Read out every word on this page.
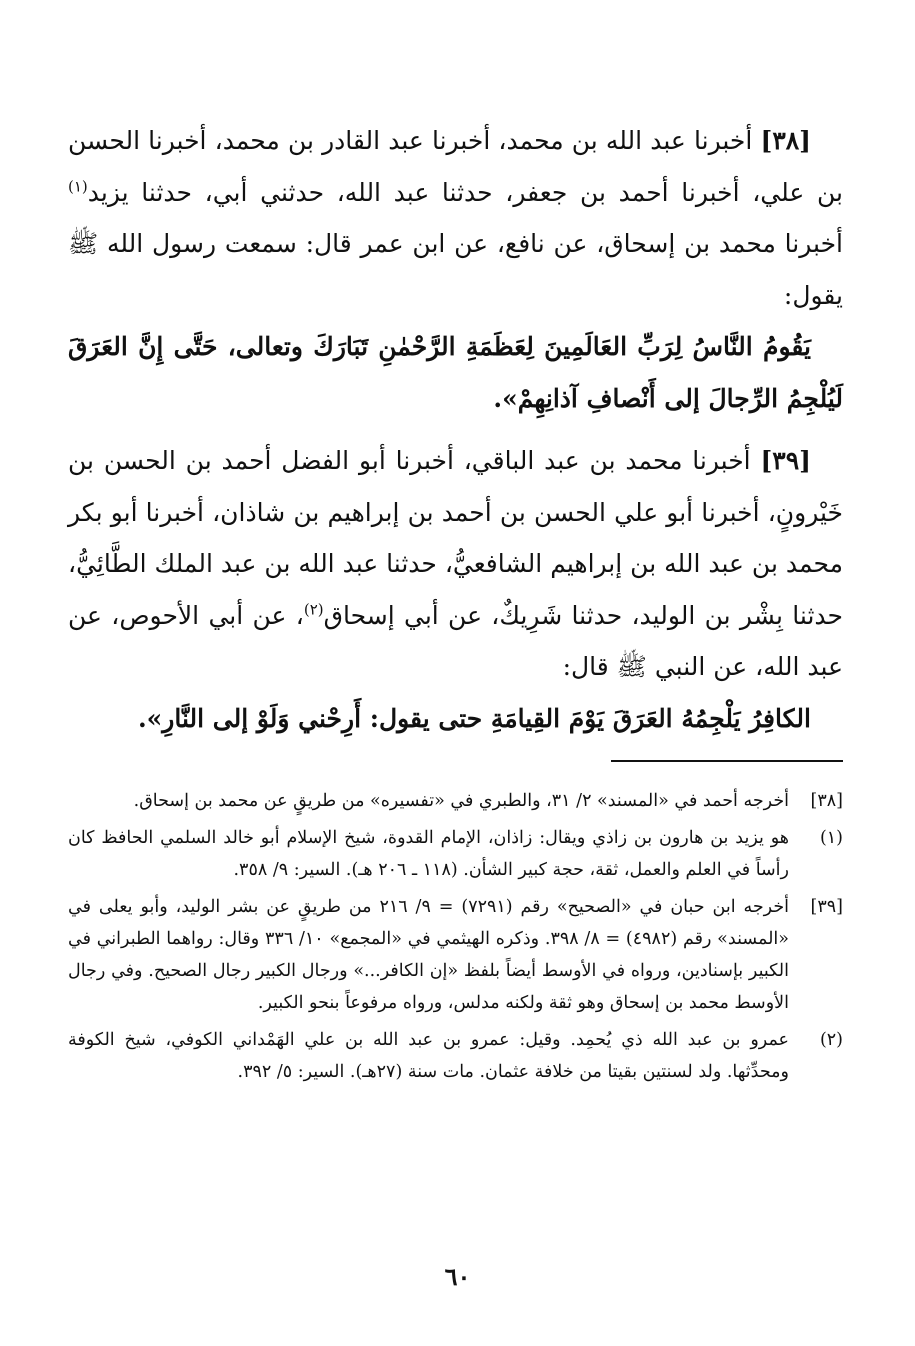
[٣٨] أخبرنا عبد الله بن محمد، أخبرنا عبد القادر بن محمد، أخبرنا الحسن بن علي، أخبرنا أحمد بن جعفر، حدثنا عبد الله، حدثني أبي، حدثنا يزيد$^{(١)}$ أخبرنا محمد بن إسحاق، عن نافع، عن ابن عمر قال: سمعت رسول الله ﷺ يقول:

يَقُومُ النَّاسُ لِرَبِّ العَالَمِينَ لِعَظَمَةِ الرَّحْمٰنِ تَبَارَكَ وتعالى، حَتَّى إِنَّ العَرَقَ لَيُلْجِمُ الرِّجالَ إلى أَنْصافِ آذانِهِمْ».

[٣٩] أخبرنا محمد بن عبد الباقي، أخبرنا أبو الفضل أحمد بن الحسن بن خَيْرونٍ، أخبرنا أبو علي الحسن بن أحمد بن إبراهيم بن شاذان، أخبرنا أبو بكر محمد بن عبد الله بن إبراهيم الشافعيُّ، حدثنا عبد الله بن عبد الملك الطَّائِيُّ، حدثنا بِشْر بن الوليد، حدثنا شَرِيكٌ، عن أبي إسحاق$^{(٢)}$، عن أبي الأحوص، عن عبد الله، عن النبي ﷺ قال:

الكافِرُ يَلْجِمُهُ العَرَقَ يَوْمَ القِيامَةِ حتى يقول: أَرِحْني وَلَوْ إلى النَّارِ».

[٣٨]
أخرجه أحمد في «المسند» ٢/ ٣١، والطبري في «تفسيره» من طريقٍ عن محمد بن إسحاق.
(١)
هو يزيد بن هارون بن زاذي ويقال: زاذان، الإمام القدوة، شيخ الإسلام أبو خالد السلمي الحافظ كان رأساً في العلم والعمل، ثقة، حجة كبير الشأن. (١١٨ ـ ٢٠٦ هـ). السير: ٩/ ٣٥٨.
[٣٩]
أخرجه ابن حبان في «الصحيح» رقم (٧٢٩١) = ٩/ ٢١٦ من طريقٍ عن بشر الوليد، وأبو يعلى في «المسند» رقم (٤٩٨٢) = ٨/ ٣٩٨. وذكره الهيثمي في «المجمع» ١٠/ ٣٣٦ وقال: رواهما الطبراني في الكبير بإسنادين، ورواه في الأوسط أيضاً بلفظ «إن الكافر...» ورجال الكبير رجال الصحيح. وفي رجال الأوسط محمد بن إسحاق وهو ثقة ولكنه مدلس، ورواه مرفوعاً بنحو الكبير.
(٢)
عمرو بن عبد الله ذي يُحمِد. وقيل: عمرو بن عبد الله بن علي الهَمْداني الكوفي، شيخ الكوفة ومحدِّثها. ولد لسنتين بقيتا من خلافة عثمان. مات سنة (٢٧هـ). السير: ٥/ ٣٩٢.
٦٠
